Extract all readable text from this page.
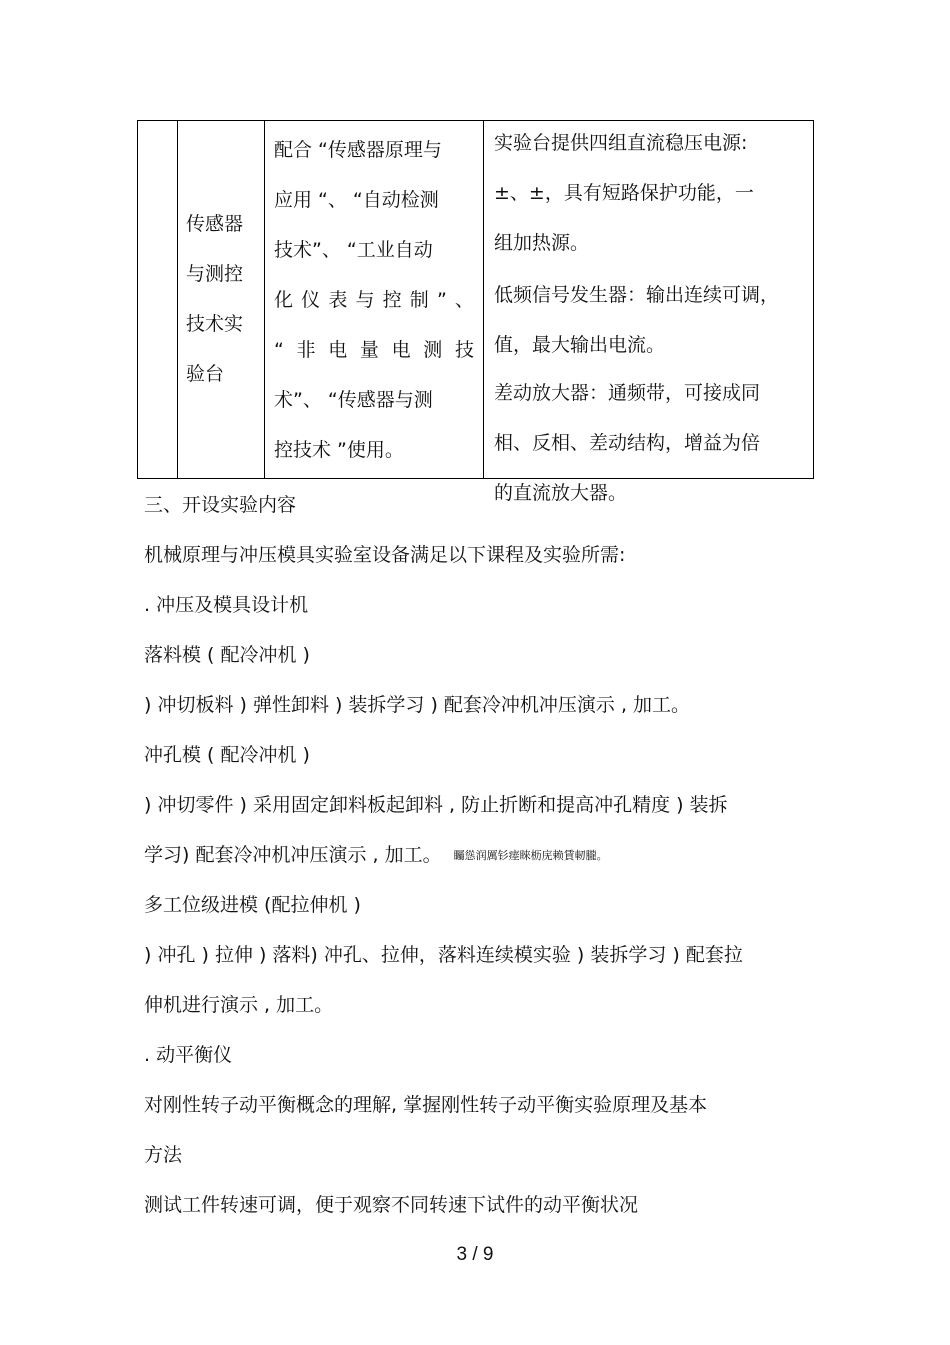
传感器
与测控
技术实
验台
配合 “传感器原理与
应用 “、 “自动检测
技术”、 “工业自动
化 仪 表 与 控 制 ” 、
“ 非 电 量 电 测 技
术”、 “传感器与测
控技术 ”使用。
实验台提供四组直流稳压电源:
±、±，具有短路保护功能，一
组加热源。
低频信号发生器：输出连续可调，
值，最大输出电流。
差动放大器：通频带，可接成同
相、反相、差动结构，增益为倍
的直流放大器。
三、开设实验内容
机械原理与冲压模具实验室设备满足以下课程及实验所需:
. 冲压及模具设计机
落料模 ( 配冷冲机 )
) 冲切板料 ) 弹性卸料 ) 装拆学习 ) 配套冷冲机冲压演示 , 加工。
冲孔模 ( 配冷冲机 )
) 冲切零件 ) 采用固定卸料板起卸料 , 防止折断和提高冲孔精度 ) 装拆
学习) 配套冷冲机冲压演示 , 加工。 矚慫润厲钐瘗睞枥庑赖賃軔朧。
多工位级进模 (配拉伸机 )
) 冲孔 ) 拉伸 ) 落料) 冲孔、拉伸，落料连续模实验 ) 装拆学习 ) 配套拉
伸机进行演示 , 加工。
. 动平衡仪
对刚性转子动平衡概念的理解, 掌握刚性转子动平衡实验原理及基本
方法
测试工件转速可调，便于观察不同转速下试件的动平衡状况
3 / 9
